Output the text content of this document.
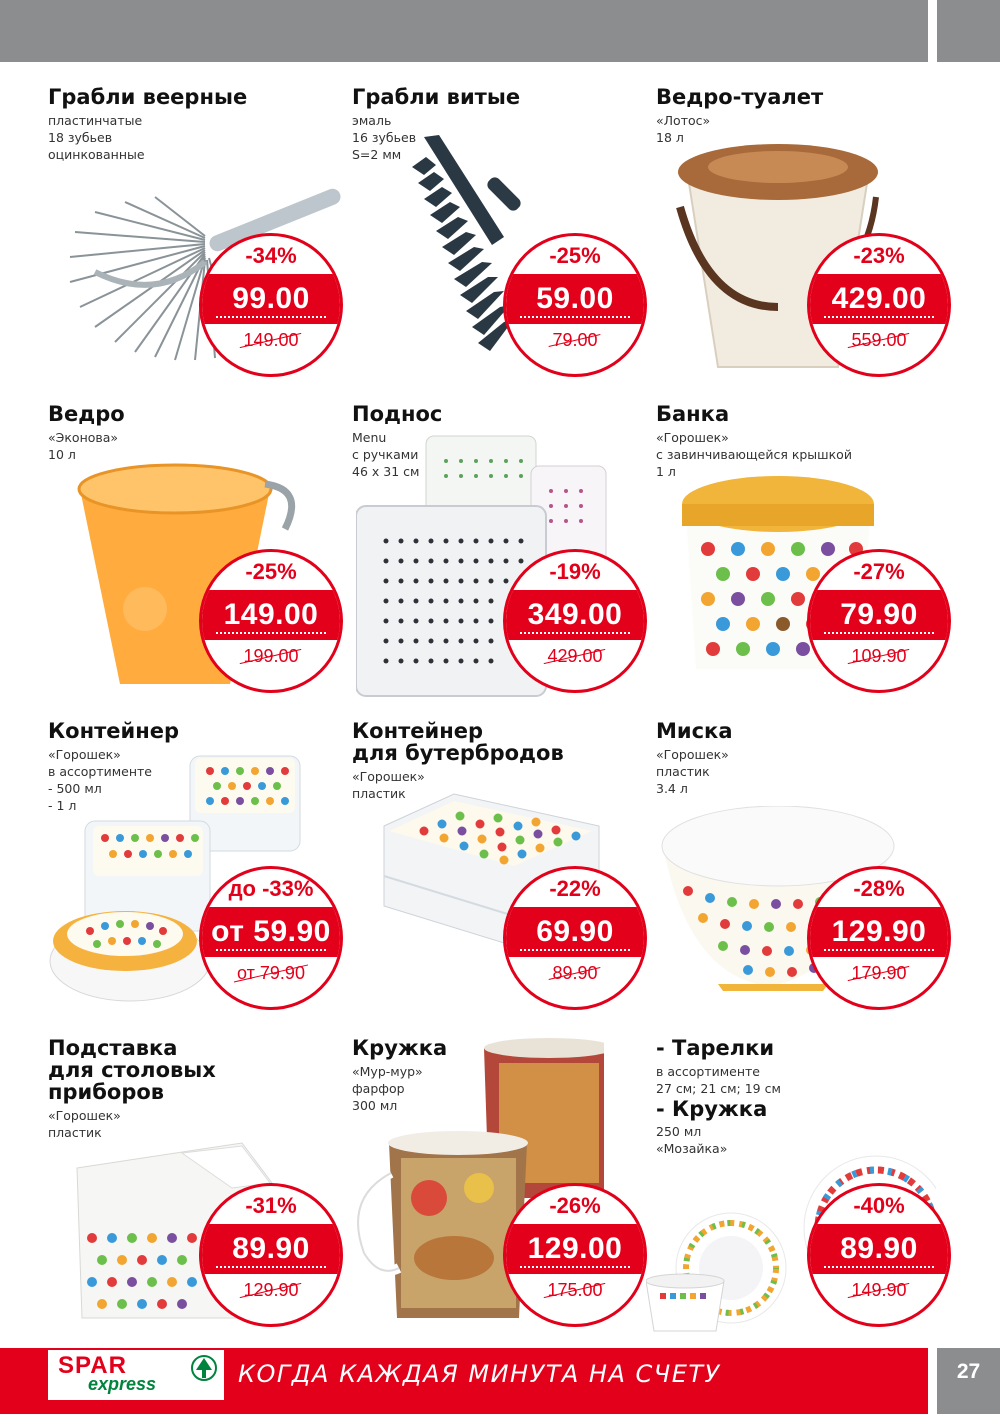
Грабли веерные
пластинчатые
18 зубьев
оцинкованные
-34%
99.00
149.00
Грабли витые
эмаль
16 зубьев
S=2 мм
-25%
59.00
79.00
Ведро-туалет
«Лотос»
18 л
-23%
429.00
559.00
Ведро
«Эконова»
10 л
-25%
149.00
199.00
Поднос
Menu
с ручками
46 х 31 см
-19%
349.00
429.00
Банка
«Горошек»
с завинчивающейся крышкой
1 л
-27%
79.90
109.90
Контейнер
«Горошек»
в ассортименте
- 500 мл
- 1 л
до -33%
от 59.90
от 79.90
Контейнер
для бутербродов
«Горошек»
пластик
-22%
69.90
89.90
Миска
«Горошек»
пластик
3.4 л
-28%
129.90
179.90
Подставка
для столовых
приборов
«Горошек»
пластик
-31%
89.90
129.90
Кружка
«Мур-мур»
фарфор
300 мл
-26%
129.00
175.00
- Тарелки
в ассортименте
27 см; 21 см; 19 см
- Кружка
250 мл
«Мозайка»
-40%
89.90
149.90
SPAR
express	КОГДА КАЖДАЯ МИНУТА НА СЧЕТУ	27
